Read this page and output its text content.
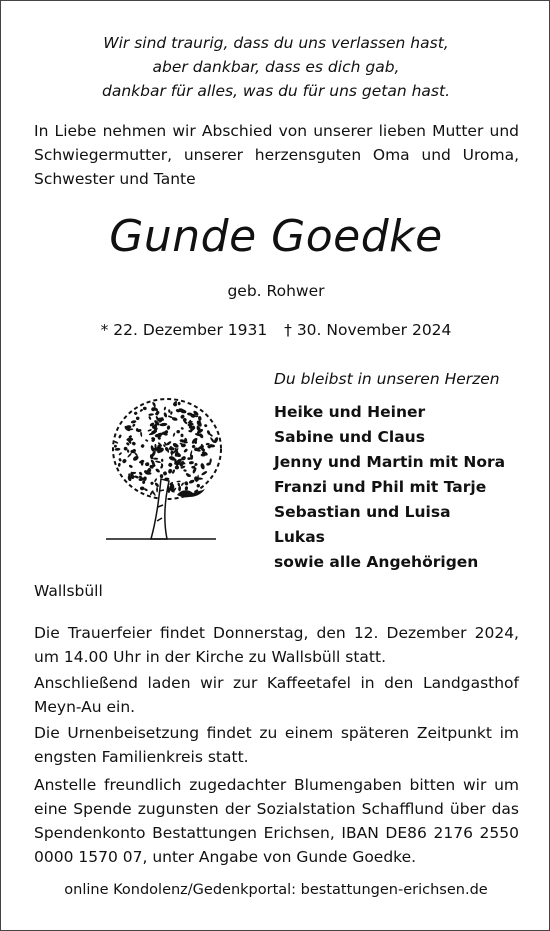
Wir sind traurig, dass du uns verlassen hast,
aber dankbar, dass es dich gab,
dankbar für alles, was du für uns getan hast.
In Liebe nehmen wir Abschied von unserer lieben Mutter und Schwiegermutter, unserer herzensguten Oma und Uroma, Schwester und Tante
Gunde Goedke
geb. Rohwer
* 22. Dezember 1931 † 30. November 2024
Du bleibst in unseren Herzen
Heike und Heiner
Sabine und Claus
Jenny und Martin mit Nora
Franzi und Phil mit Tarje
Sebastian und Luisa
Lukas
sowie alle Angehörigen
Wallsbüll
Die Trauerfeier findet Donnerstag, den 12. Dezember 2024, um 14.00 Uhr in der Kirche zu Wallsbüll statt.
Anschließend laden wir zur Kaffeetafel in den Landgasthof Meyn-Au ein.
Die Urnenbeisetzung findet zu einem späteren Zeitpunkt im engsten Familienkreis statt.
Anstelle freundlich zugedachter Blumengaben bitten wir um eine Spende zugunsten der Sozialstation Schafflund über das Spendenkonto Bestattungen Erichsen, IBAN DE86 2176 2550 0000 1570 07, unter Angabe von Gunde Goedke.
online Kondolenz/Gedenkportal: bestattungen-erichsen.de
